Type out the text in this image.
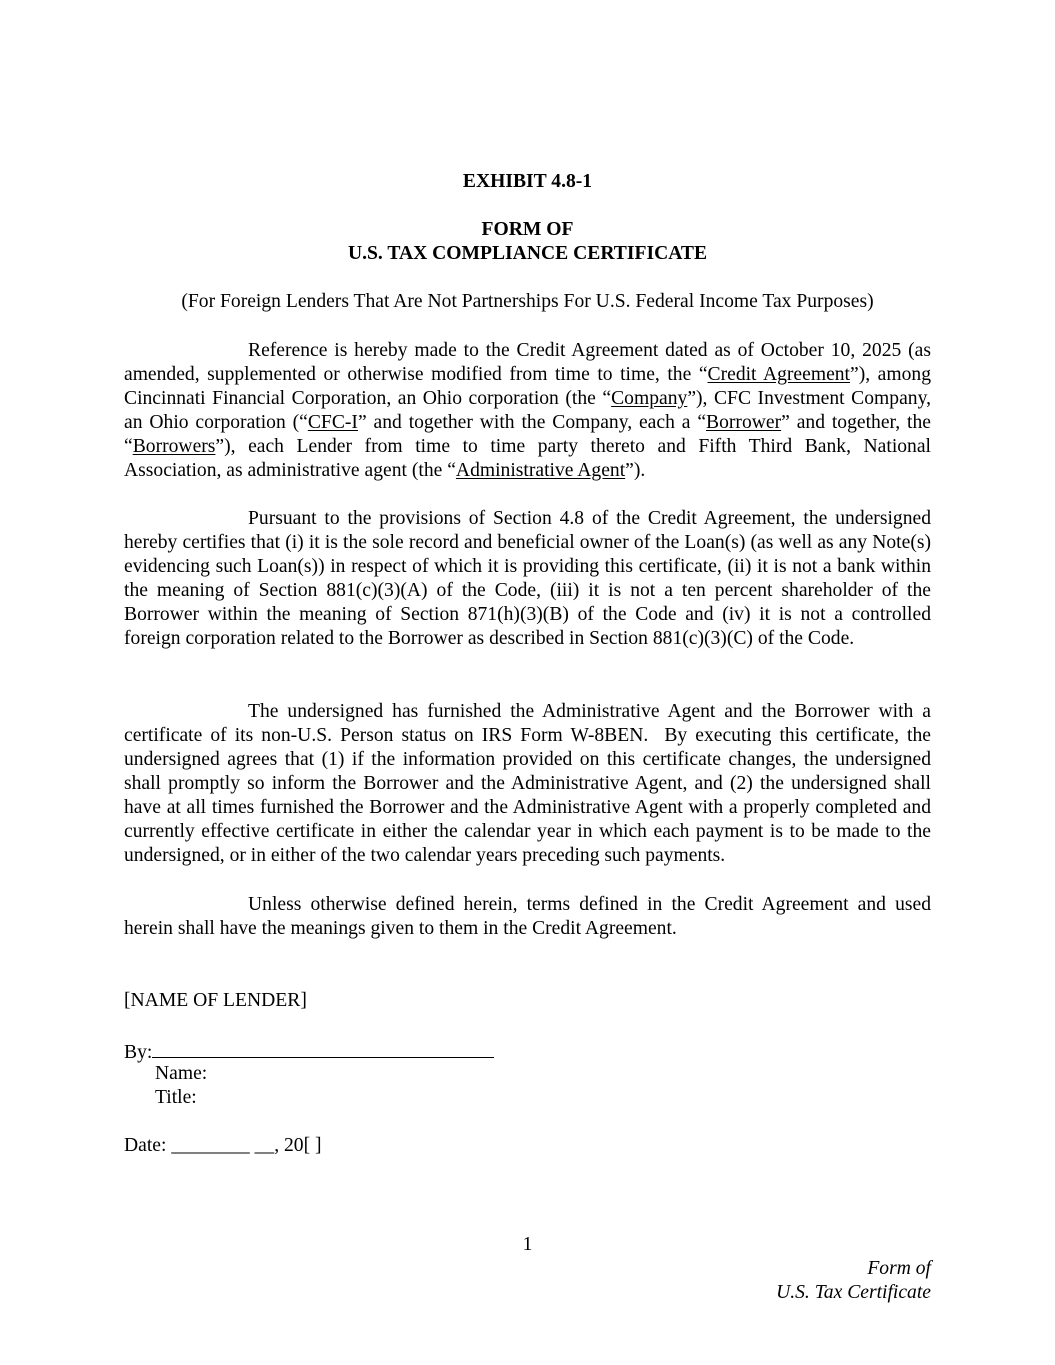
EXHIBIT 4.8-1
FORM OF
U.S. TAX COMPLIANCE CERTIFICATE
(For Foreign Lenders That Are Not Partnerships For U.S. Federal Income Tax Purposes)

Reference is hereby made to the Credit Agreement dated as of October 10, 2025 (as amended, supplemented or otherwise modified from time to time, the “Credit Agreement”), among Cincinnati Financial Corporation, an Ohio corporation (the “Company”), CFC Investment Company, an Ohio corporation (“CFC-I” and together with the Company, each a “Borrower” and together, the “Borrowers”), each Lender from time to time party thereto and Fifth Third Bank, National Association, as administrative agent (the “Administrative Agent”).

Pursuant to the provisions of Section 4.8 of the Credit Agreement, the undersigned hereby certifies that (i) it is the sole record and beneficial owner of the Loan(s) (as well as any Note(s) evidencing such Loan(s)) in respect of which it is providing this certificate, (ii) it is not a bank within the meaning of Section 881(c)(3)(A) of the Code, (iii) it is not a ten percent shareholder of the Borrower within the meaning of Section 871(h)(3)(B) of the Code and (iv) it is not a controlled foreign corporation related to the Borrower as described in Section 881(c)(3)(C) of the Code.

The undersigned has furnished the Administrative Agent and the Borrower with a certificate of its non-U.S. Person status on IRS Form W-8BEN.  By executing this certificate, the undersigned agrees that (1) if the information provided on this certificate changes, the undersigned shall promptly so inform the Borrower and the Administrative Agent, and (2) the undersigned shall have at all times furnished the Borrower and the Administrative Agent with a properly completed and currently effective certificate in either the calendar year in which each payment is to be made to the undersigned, or in either of the two calendar years preceding such payments.

Unless otherwise defined herein, terms defined in the Credit Agreement and used herein shall have the meanings given to them in the Credit Agreement.

[NAME OF LENDER]
By:
Name:
Title:
Date: ________ __, 20[ ]
1
Form of
U.S. Tax Certificate
